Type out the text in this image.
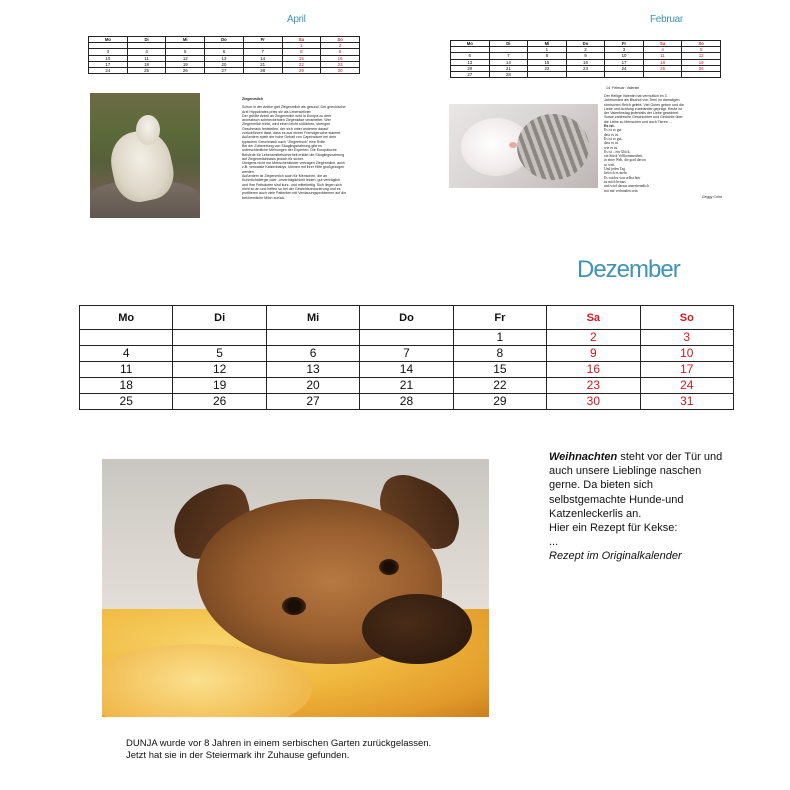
April
Mo	Di	Mi	Do	Fr	Sa	So
					1	2
3	4	5	6	7	8	9
10	11	12	13	14	15	16
17	18	19	20	21	22	23
24	25	26	27	28	29	30

Ziegenmilch

Schon in der Antike galt Ziegenmilch als gesund. Der griechische

Arzt Hippokrates pries sie als Lebenselixier.

Der größte Anteil an Ziegenmilch wird in Europa zu dem

aromatisch schmeckenden Ziegenkäse verarbeitet. Wer

Ziegenmilch trinkt, wird einen leicht süßlichen, strengen

Geschmack feststellen, der sich unter anderem darauf

zurückführen lässt, dass es aus einem Fremdgeruche stammt.

Außerdem spielt der hohe Gehalt von Caprinsäure bei dem

typischen Geschmack nach "Ziegenbock" eine Rolle.

Bei der Zubereitung von Säuglingsnahrung gibt es

unterschiedliche Meinungen der Experten. Die Europäische

Behörde für Lebensmittelsicherheit erklärt die Säuglingsnahrung

auf Ziegenmilchbasis jedoch für sicher.

Übrigens nicht nur Menschenkinder vertragen Ziegenmilch, auch

z.B. verwaiste Katzenbabys, können mit ihrer Hilfe großgezogen

werden.

Außerdem ist Ziegenmilch auch für Menschen, die an

Kuhmilchallergie oder -unverträglichkeit leiden, gut verträglich

und ihre Fettsäuren sind kurz- und mittelkettig. Sich liegen sich

nicht so an und helfen so bei der Gewichtsreduzierung und es

profitieren auch viele Patienten mit Verdauungsproblemen auf die

bekömmliche Milch zurück.

Februar
Mo	Di	Mi	Do	Fr	Sa	So
		1	2	3	4	5
6	7	8	9	10	11	12
13	14	15	16	17	18	19
20	21	22	23	24	25	26
27	28					
14. Februar: Valentin

Der Heilige Valentin hat vermutlich im 3.

Jahrhundert als Bischof von Terni im damaligen

römischen Reich gelebt. Viel Gutes geben und die

Liebe und Achtung zueinander geprägt. Heute ist

der Valentinstag jedenfalls der Liebe gewidmet.

Sowie zahlreiche Geschichten und Gedichte über

die Liebe zu Menschen und auch Tieren ...

Es ist.

Es ist so gut

dass es ist

Es ist so gut,

dass es ist

wie es ist

Es ist – ein Glück,

ein Stück Vollkommenheit,

in einer Welt, die grad davon

so weit.

Und jeden Tag

lieb ich es mehr

Es wächst von selbst hier

ist mich heraus

und wird daraus unzertrennlich

mit mir verbunden sein.

Geggy Cohn

Dezember
Mo	Di	Mi	Do	Fr	Sa	So
				1	2	3
4	5	6	7	8	9	10
11	12	13	14	15	16	17
18	19	20	21	22	23	24
25	26	27	28	29	30	31

Weihnachten steht vor der Tür und

auch unsere Lieblinge naschen

gerne. Da bieten sich

selbstgemachte Hunde-und

Katzenleckerlis an.

Hier ein Rezept für Kekse:

...

Rezept im Originalkalender

DUNJA wurde vor 8 Jahren in einem serbischen Garten zurückgelassen.

Jetzt hat sie in der Steiermark ihr Zuhause gefunden.
